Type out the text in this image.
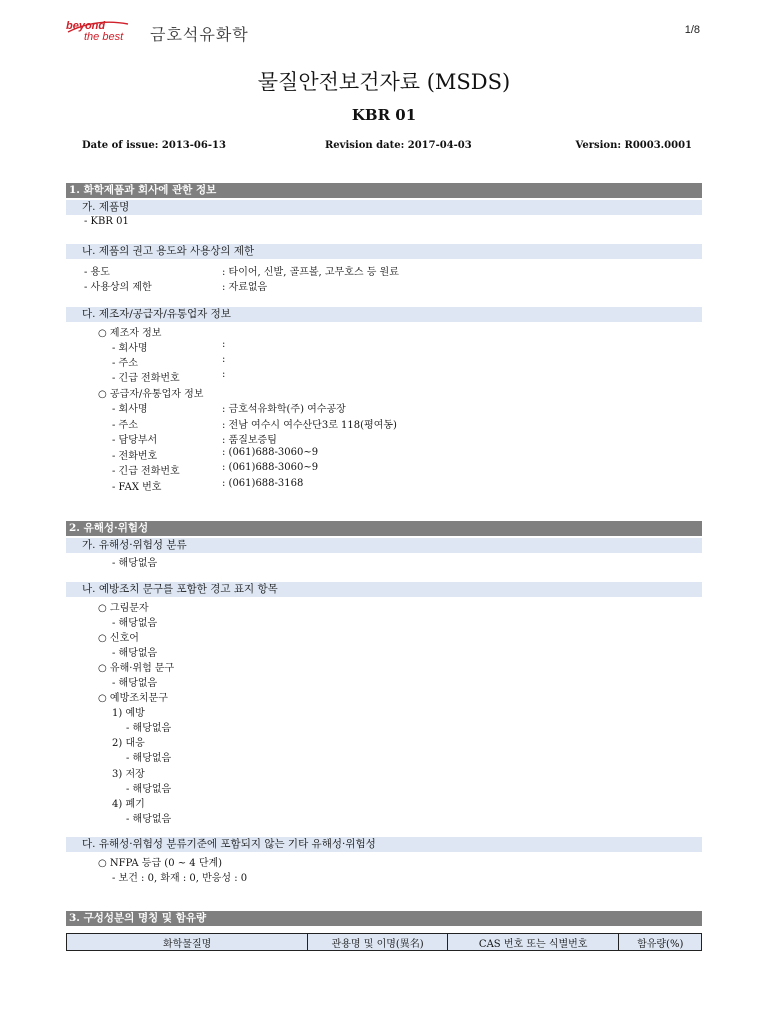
beyond
the best 금호석유화학	1/8
물질안전보건자료 (MSDS)
KBR 01
Date of issue: 2013-06-13	Revision date: 2017-04-03	Version: R0003.0001
1. 화학제품과 회사에 관한 정보
가. 제품명
- KBR 01
나. 제품의 권고 용도와 사용상의 제한
- 용도	: 타이어, 신발, 골프볼, 고무호스 등 원료
- 사용상의 제한	: 자료없음
다. 제조자/공급자/유통업자 정보
○ 제조자 정보
- 회사명	:
- 주소	:
- 긴급 전화번호	:
○ 공급자/유통업자 정보
- 회사명	: 금호석유화학(주) 여수공장
- 주소	: 전남 여수시 여수산단3로 118(평여동)
- 담당부서	: 품질보증팀
- 전화번호	: (061)688-3060~9
- 긴급 전화번호	: (061)688-3060~9
- FAX 번호	: (061)688-3168
2. 유해성·위험성
가. 유해성·위험성 분류
- 해당없음
나. 예방조치 문구를 포함한 경고 표지 항목
○ 그림문자
- 해당없음
○ 신호어
- 해당없음
○ 유해·위험 문구
- 해당없음
○ 예방조치문구
1) 예방
- 해당없음
2) 대응
- 해당없음
3) 저장
- 해당없음
4) 폐기
- 해당없음
다. 유해성·위험성 분류기준에 포함되지 않는 기타 유해성·위험성
○ NFPA 등급 (0 ~ 4 단계)
- 보건 : 0, 화재 : 0, 반응성 : 0
3. 구성성분의 명칭 및 함유량
화학물질명	관용명 및 이명(異名)	CAS 번호 또는 식별번호	함유량(%)
